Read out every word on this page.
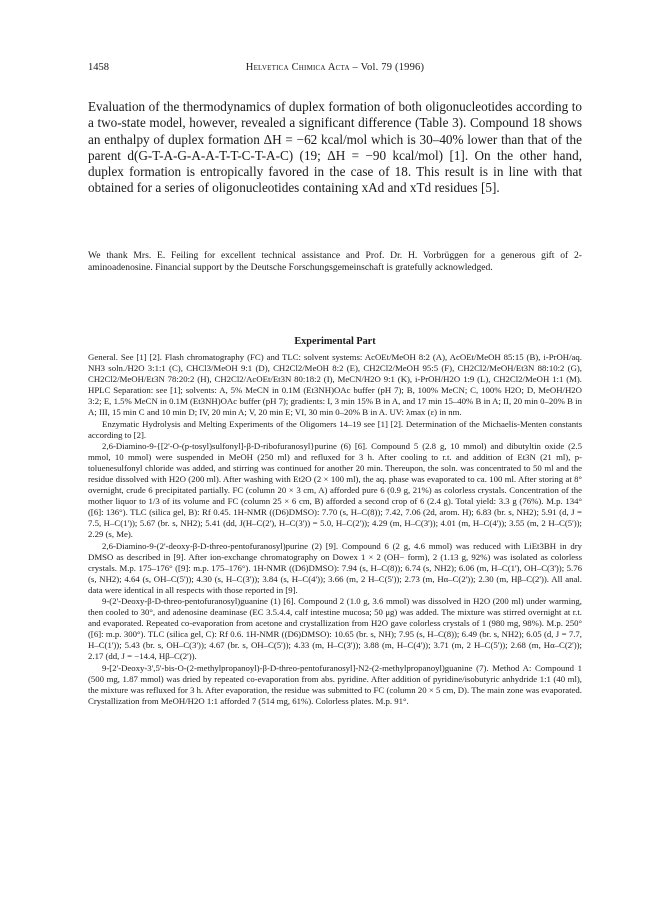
1458	Helvetica Chimica Acta – Vol. 79 (1996)

Evaluation of the thermodynamics of duplex formation of both oligonucleotides according to a two-state model, however, revealed a significant difference (Table 3). Compound 18 shows an enthalpy of duplex formation ΔH = −62 kcal/mol which is 30–40% lower than that of the parent d(G-T-A-G-A-A-T-T-C-T-A-C) (19; ΔH = −90 kcal/mol) [1]. On the other hand, duplex formation is entropically favored in the case of 18. This result is in line with that obtained for a series of oligonucleotides containing xAd and xTd residues [5].

We thank Mrs. E. Feiling for excellent technical assistance and Prof. Dr. H. Vorbrüggen for a generous gift of 2-aminoadenosine. Financial support by the Deutsche Forschungsgemeinschaft is gratefully acknowledged.

Experimental Part

General. See [1] [2]. Flash chromatography (FC) and TLC: solvent systems: AcOEt/MeOH 8:2 (A), AcOEt/MeOH 85:15 (B), i-PrOH/aq. NH3 soln./H2O 3:1:1 (C), CHCl3/MeOH 9:1 (D), CH2Cl2/MeOH 8:2 (E), CH2Cl2/MeOH 95:5 (F), CH2Cl2/MeOH/Et3N 88:10:2 (G), CH2Cl2/MeOH/Et3N 78:20:2 (H), CH2Cl2/AcOEt/Et3N 80:18:2 (I), MeCN/H2O 9:1 (K), i-PrOH/H2O 1:9 (L), CH2Cl2/MeOH 1:1 (M). HPLC Separation: see [1]; solvents: A, 5% MeCN in 0.1M (Et3NH)OAc buffer (pH 7); B, 100% MeCN; C, 100% H2O; D, MeOH/H2O 3:2; E, 1.5% MeCN in 0.1M (Et3NH)OAc buffer (pH 7); gradients: I, 3 min 15% B in A, and 17 min 15–40% B in A; II, 20 min 0–20% B in A; III, 15 min C and 10 min D; IV, 20 min A; V, 20 min E; VI, 30 min 0–20% B in A. UV: λmax (ε) in nm.

Enzymatic Hydrolysis and Melting Experiments of the Oligomers 14–19 see [1] [2]. Determination of the Michaelis-Menten constants according to [2].

2,6-Diamino-9-{[2'-O-(p-tosyl)sulfonyl]-β-D-ribofuranosyl}purine (6) [6]. Compound 5 (2.8 g, 10 mmol) and dibutyltin oxide (2.5 mmol, 10 mmol) were suspended in MeOH (250 ml) and refluxed for 3 h. After cooling to r.t. and addition of Et3N (21 ml), p-toluenesulfonyl chloride was added, and stirring was continued for another 20 min. Thereupon, the soln. was concentrated to 50 ml and the residue dissolved with H2O (200 ml). After washing with Et2O (2 × 100 ml), the aq. phase was evaporated to ca. 100 ml. After storing at 8° overnight, crude 6 precipitated partially. FC (column 20 × 3 cm, A) afforded pure 6 (0.9 g, 21%) as colorless crystals. Concentration of the mother liquor to 1/3 of its volume and FC (column 25 × 6 cm, B) afforded a second crop of 6 (2.4 g). Total yield: 3.3 g (76%). M.p. 134° ([6]: 136°). TLC (silica gel, B): Rf 0.45. 1H-NMR ((D6)DMSO): 7.70 (s, H–C(8)); 7.42, 7.06 (2d, arom. H); 6.83 (br. s, NH2); 5.91 (d, J = 7.5, H–C(1')); 5.67 (br. s, NH2); 5.41 (dd, J(H–C(2'), H–C(3')) = 5.0, H–C(2')); 4.29 (m, H–C(3')); 4.01 (m, H–C(4')); 3.55 (m, 2 H–C(5')); 2.29 (s, Me).

2,6-Diamino-9-(2'-deoxy-β-D-threo-pentofuranosyl)purine (2) [9]. Compound 6 (2 g, 4.6 mmol) was reduced with LiEt3BH in dry DMSO as described in [9]. After ion-exchange chromatography on Dowex 1 × 2 (OH− form), 2 (1.13 g, 92%) was isolated as colorless crystals. M.p. 175–176° ([9]: m.p. 175–176°). 1H-NMR ((D6)DMSO): 7.94 (s, H–C(8)); 6.74 (s, NH2); 6.06 (m, H–C(1'), OH–C(3')); 5.76 (s, NH2); 4.64 (s, OH–C(5')); 4.30 (s, H–C(3')); 3.84 (s, H–C(4')); 3.66 (m, 2 H–C(5')); 2.73 (m, Hα–C(2')); 2.30 (m, Hβ–C(2')). All anal. data were identical in all respects with those reported in [9].

9-(2'-Deoxy-β-D-threo-pentofuranosyl)guanine (1) [6]. Compound 2 (1.0 g, 3.6 mmol) was dissolved in H2O (200 ml) under warming, then cooled to 30°, and adenosine deaminase (EC 3.5.4.4, calf intestine mucosa; 50 μg) was added. The mixture was stirred overnight at r.t. and evaporated. Repeated co-evaporation from acetone and crystallization from H2O gave colorless crystals of 1 (980 mg, 98%). M.p. 250° ([6]: m.p. 300°). TLC (silica gel, C): Rf 0.6. 1H-NMR ((D6)DMSO): 10.65 (br. s, NH); 7.95 (s, H–C(8)); 6.49 (br. s, NH2); 6.05 (d, J = 7.7, H–C(1')); 5.43 (br. s, OH–C(3')); 4.67 (br. s, OH–C(5')); 4.33 (m, H–C(3')); 3.88 (m, H–C(4')); 3.71 (m, 2 H–C(5')); 2.68 (m, Hα–C(2')); 2.17 (dd, J = −14.4, Hβ–C(2')).

9-[2'-Deoxy-3',5'-bis-O-(2-methylpropanoyl)-β-D-threo-pentofuranosyl]-N2-(2-methylpropanoyl)guanine (7). Method A: Compound 1 (500 mg, 1.87 mmol) was dried by repeated co-evaporation from abs. pyridine. After addition of pyridine/isobutyric anhydride 1:1 (40 ml), the mixture was refluxed for 3 h. After evaporation, the residue was submitted to FC (column 20 × 5 cm, D). The main zone was evaporated. Crystallization from MeOH/H2O 1:1 afforded 7 (514 mg, 61%). Colorless plates. M.p. 91°.
